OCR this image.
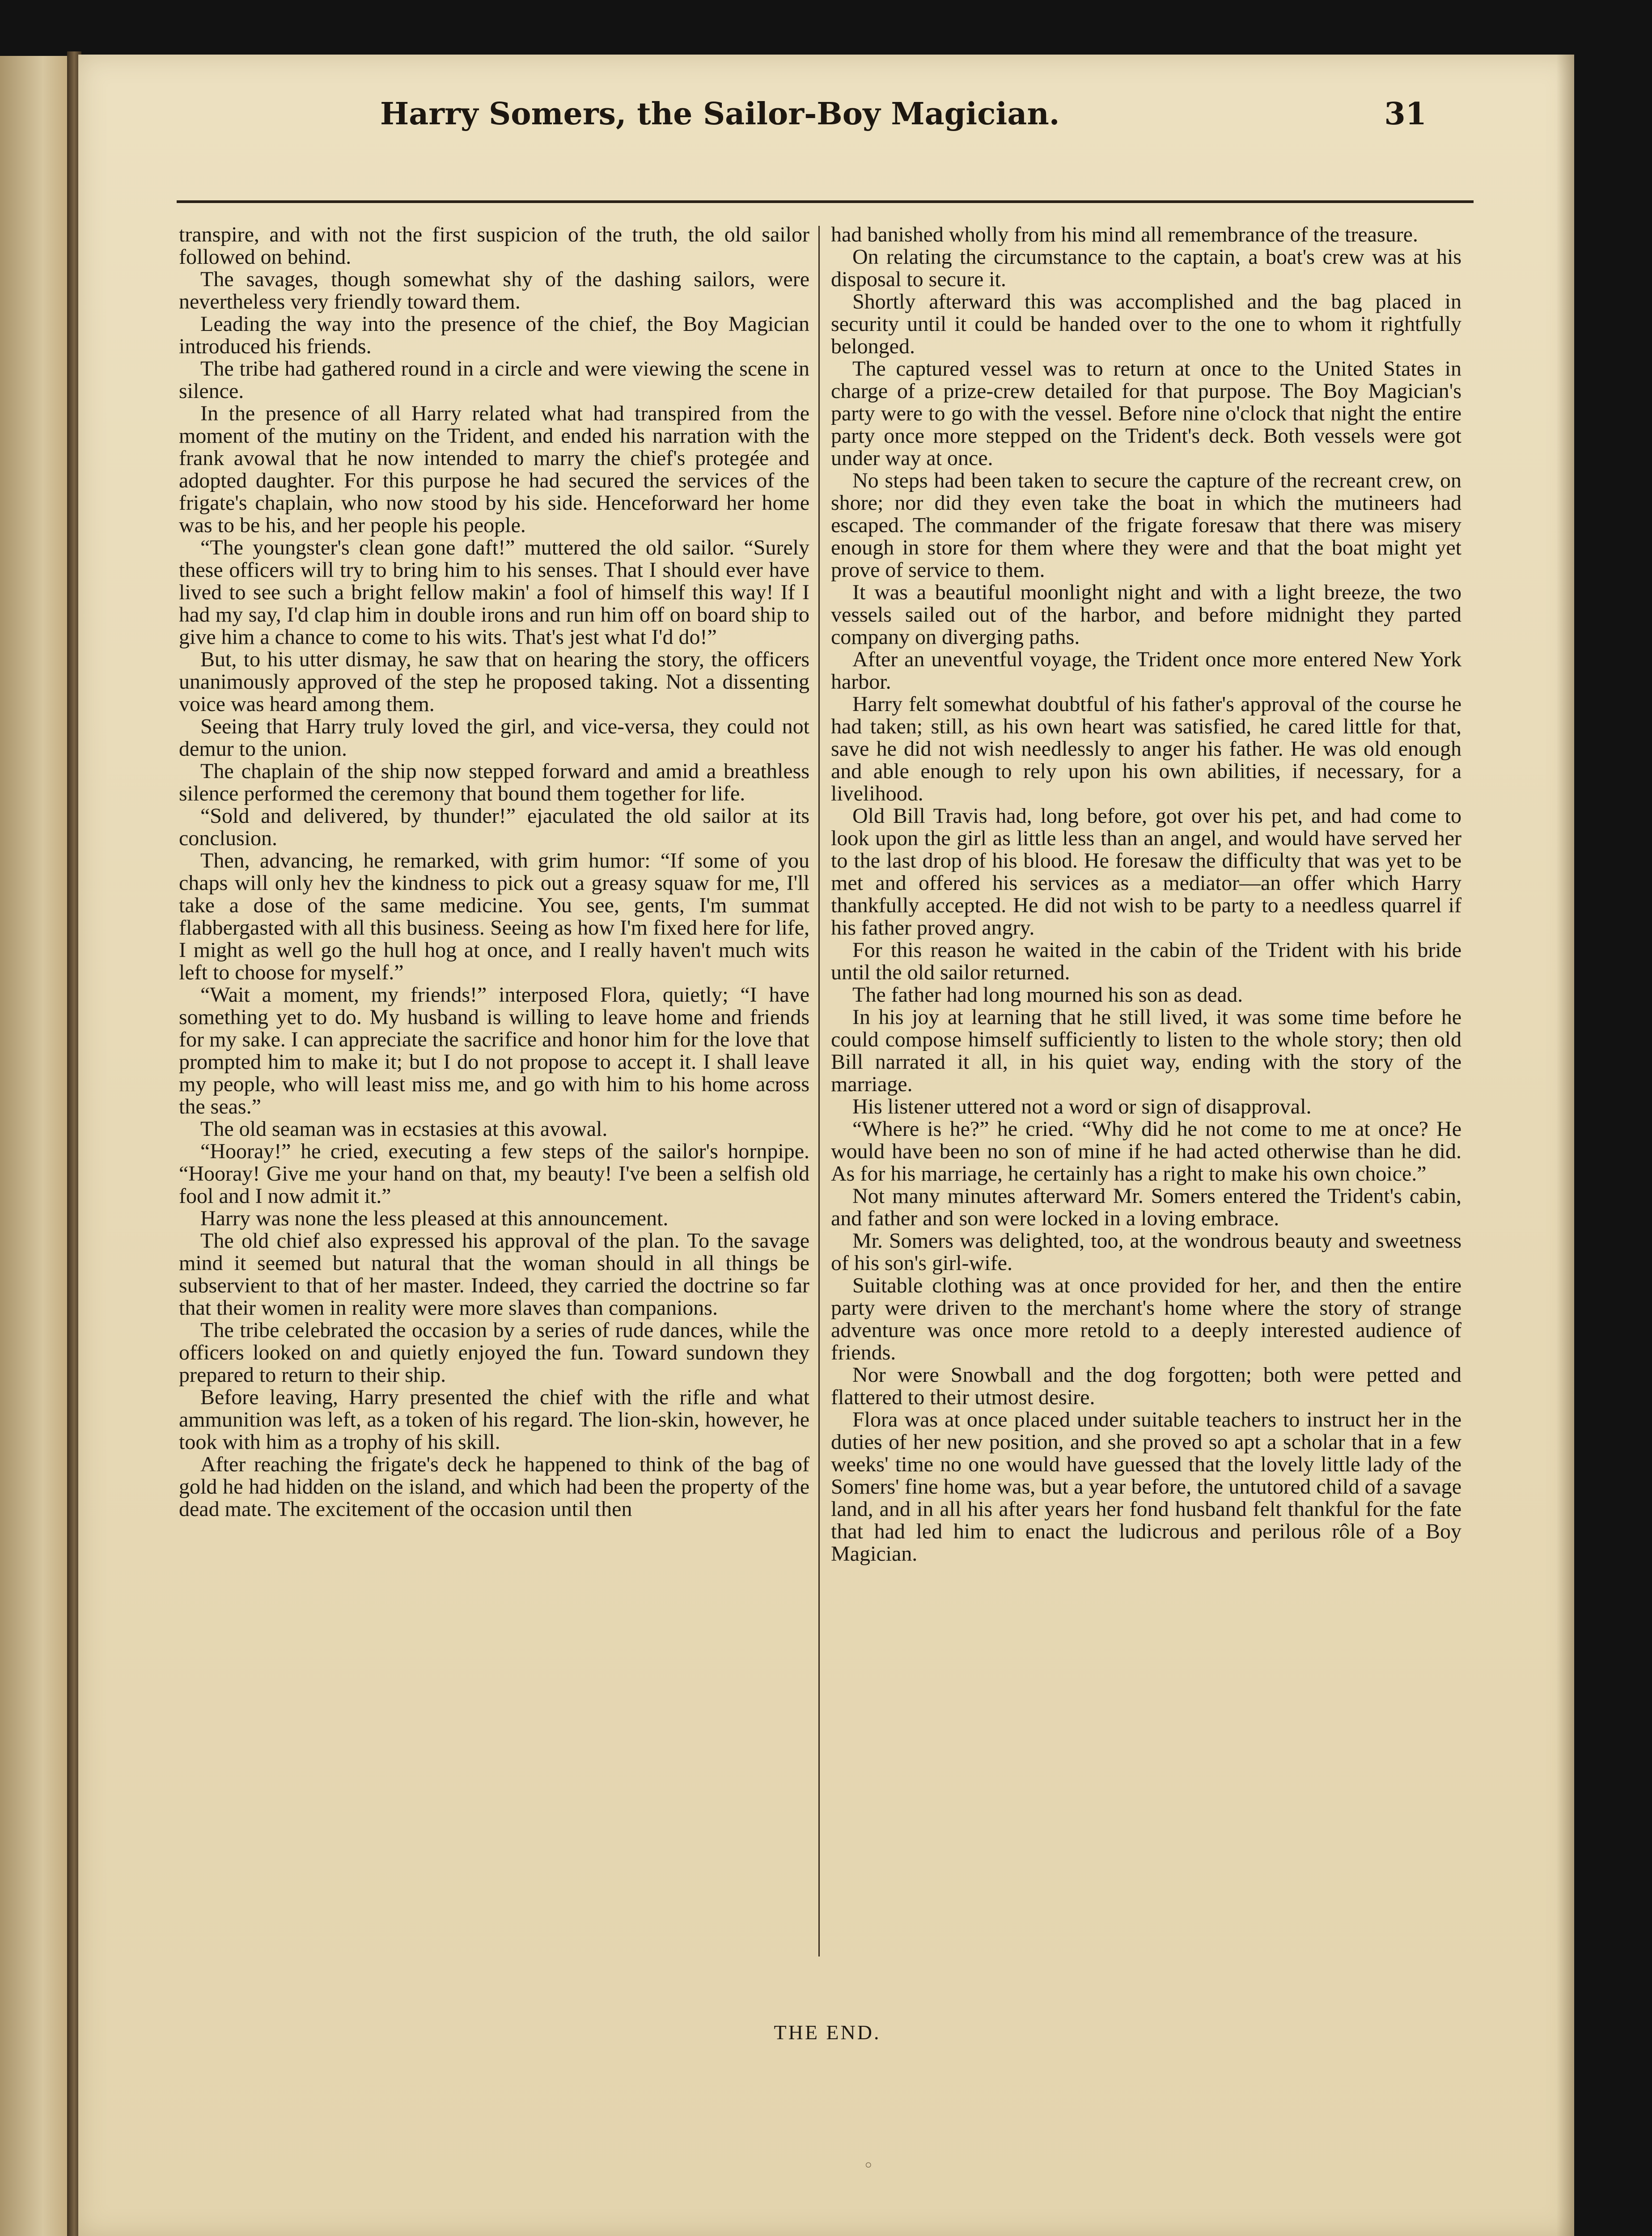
Harry Somers, the Sailor-Boy Magician.	31

transpire, and with not the first suspicion of the truth, the old sailor followed on behind.

The savages, though somewhat shy of the dashing sailors, were nevertheless very friendly toward them.

Leading the way into the presence of the chief, the Boy Magician introduced his friends.

The tribe had gathered round in a circle and were viewing the scene in silence.

In the presence of all Harry related what had transpired from the moment of the mutiny on the Trident, and ended his narration with the frank avowal that he now intended to marry the chief's protegée and adopted daughter. For this purpose he had secured the services of the frigate's chaplain, who now stood by his side. Henceforward her home was to be his, and her people his people.

“The youngster's clean gone daft!” muttered the old sailor. “Surely these officers will try to bring him to his senses. That I should ever have lived to see such a bright fellow makin' a fool of himself this way! If I had my say, I'd clap him in double irons and run him off on board ship to give him a chance to come to his wits. That's jest what I'd do!”

But, to his utter dismay, he saw that on hearing the story, the officers unanimously approved of the step he proposed taking. Not a dissenting voice was heard among them.

Seeing that Harry truly loved the girl, and vice-versa, they could not demur to the union.

The chaplain of the ship now stepped forward and amid a breathless silence performed the ceremony that bound them together for life.

“Sold and delivered, by thunder!” ejaculated the old sailor at its conclusion.

Then, advancing, he remarked, with grim humor: “If some of you chaps will only hev the kindness to pick out a greasy squaw for me, I'll take a dose of the same medicine. You see, gents, I'm summat flabbergasted with all this business. Seeing as how I'm fixed here for life, I might as well go the hull hog at once, and I really haven't much wits left to choose for myself.”

“Wait a moment, my friends!” interposed Flora, quietly; “I have something yet to do. My husband is willing to leave home and friends for my sake. I can appreciate the sacrifice and honor him for the love that prompted him to make it; but I do not propose to accept it. I shall leave my people, who will least miss me, and go with him to his home across the seas.”

The old seaman was in ecstasies at this avowal.

“Hooray!” he cried, executing a few steps of the sailor's hornpipe. “Hooray! Give me your hand on that, my beauty! I've been a selfish old fool and I now admit it.”

Harry was none the less pleased at this announcement.

The old chief also expressed his approval of the plan. To the savage mind it seemed but natural that the woman should in all things be subservient to that of her master. Indeed, they carried the doctrine so far that their women in reality were more slaves than companions.

The tribe celebrated the occasion by a series of rude dances, while the officers looked on and quietly enjoyed the fun. Toward sundown they prepared to return to their ship.

Before leaving, Harry presented the chief with the rifle and what ammunition was left, as a token of his regard. The lion-skin, however, he took with him as a trophy of his skill.

After reaching the frigate's deck he happened to think of the bag of gold he had hidden on the island, and which had been the property of the dead mate. The excitement of the occasion until then

had banished wholly from his mind all remembrance of the treasure.

On relating the circumstance to the captain, a boat's crew was at his disposal to secure it.

Shortly afterward this was accomplished and the bag placed in security until it could be handed over to the one to whom it rightfully belonged.

The captured vessel was to return at once to the United States in charge of a prize-crew detailed for that purpose. The Boy Magician's party were to go with the vessel. Before nine o'clock that night the entire party once more stepped on the Trident's deck. Both vessels were got under way at once.

No steps had been taken to secure the capture of the recreant crew, on shore; nor did they even take the boat in which the mutineers had escaped. The commander of the frigate foresaw that there was misery enough in store for them where they were and that the boat might yet prove of service to them.

It was a beautiful moonlight night and with a light breeze, the two vessels sailed out of the harbor, and before midnight they parted company on diverging paths.

After an uneventful voyage, the Trident once more entered New York harbor.

Harry felt somewhat doubtful of his father's approval of the course he had taken; still, as his own heart was satisfied, he cared little for that, save he did not wish needlessly to anger his father. He was old enough and able enough to rely upon his own abilities, if necessary, for a livelihood.

Old Bill Travis had, long before, got over his pet, and had come to look upon the girl as little less than an angel, and would have served her to the last drop of his blood. He foresaw the difficulty that was yet to be met and offered his services as a mediator—an offer which Harry thankfully accepted. He did not wish to be party to a needless quarrel if his father proved angry.

For this reason he waited in the cabin of the Trident with his bride until the old sailor returned.

The father had long mourned his son as dead.

In his joy at learning that he still lived, it was some time before he could compose himself sufficiently to listen to the whole story; then old Bill narrated it all, in his quiet way, ending with the story of the marriage.

His listener uttered not a word or sign of disapproval.

“Where is he?” he cried. “Why did he not come to me at once? He would have been no son of mine if he had acted otherwise than he did. As for his marriage, he certainly has a right to make his own choice.”

Not many minutes afterward Mr. Somers entered the Trident's cabin, and father and son were locked in a loving embrace.

Mr. Somers was delighted, too, at the wondrous beauty and sweetness of his son's girl-wife.

Suitable clothing was at once provided for her, and then the entire party were driven to the merchant's home where the story of strange adventure was once more retold to a deeply interested audience of friends.

Nor were Snowball and the dog forgotten; both were petted and flattered to their utmost desire.

Flora was at once placed under suitable teachers to instruct her in the duties of her new position, and she proved so apt a scholar that in a few weeks' time no one would have guessed that the lovely little lady of the Somers' fine home was, but a year before, the untutored child of a savage land, and in all his after years her fond husband felt thankful for the fate that had led him to enact the ludicrous and perilous rôle of a Boy Magician.

THE END.
◦
